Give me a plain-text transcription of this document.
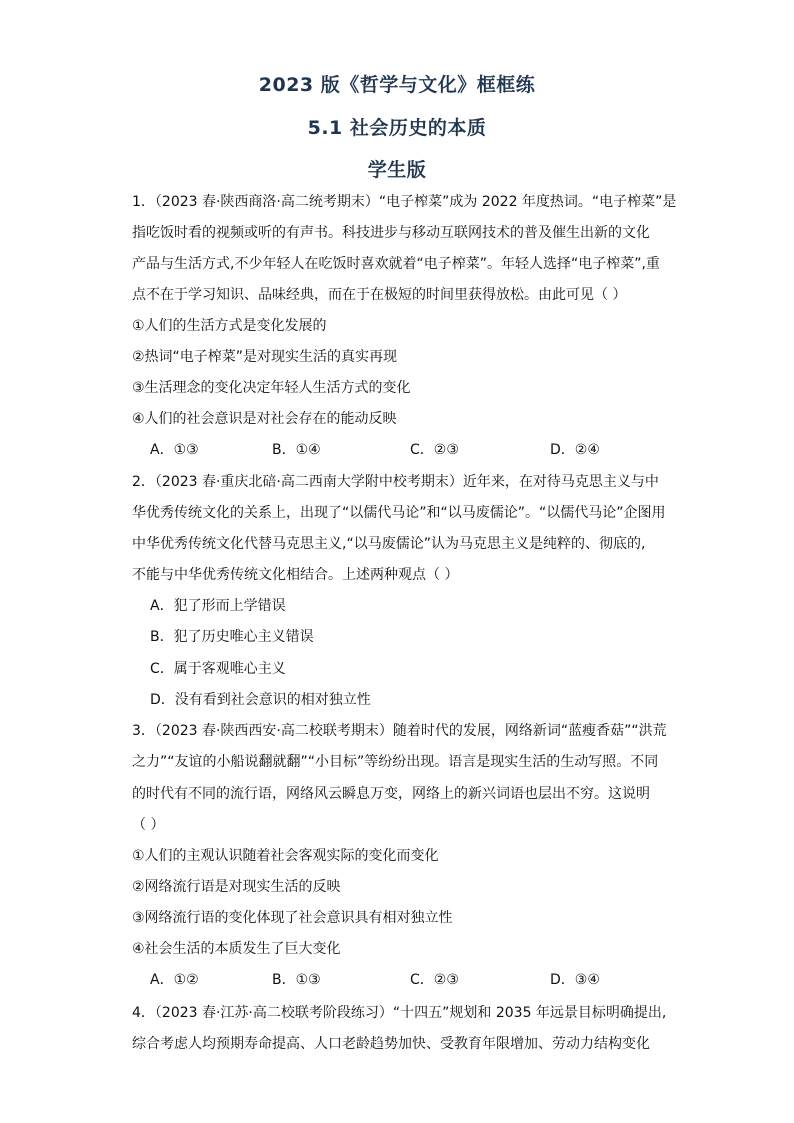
2023 版《哲学与文化》框框练
5.1 社会历史的本质
学生版
1．（2023 春·陕西商洛·高二统考期末）“电子榨菜”成为 2022 年度热词。“电子榨菜”是
指吃饭时看的视频或听的有声书。科技进步与移动互联网技术的普及催生出新的文化
产品与生活方式,不少年轻人在吃饭时喜欢就着“电子榨菜”。年轻人选择“电子榨菜”,重
点不在于学习知识、品味经典，而在于在极短的时间里获得放松。由此可见（ ）
①人们的生活方式是变化发展的
②热词“电子榨菜”是对现实生活的真实再现
③生活理念的变化决定年轻人生活方式的变化
④人们的社会意识是对社会存在的能动反映
A．①③	B．①④	C．②③	D．②④
2．（2023 春·重庆北碚·高二西南大学附中校考期末）近年来，在对待马克思主义与中
华优秀传统文化的关系上，出现了“以儒代马论”和“以马废儒论”。“以儒代马论”企图用
中华优秀传统文化代替马克思主义,“以马废儒论”认为马克思主义是纯粹的、彻底的,
不能与中华优秀传统文化相结合。上述两种观点（ ）
A．犯了形而上学错误
B．犯了历史唯心主义错误
C．属于客观唯心主义
D．没有看到社会意识的相对独立性
3．（2023 春·陕西西安·高二校联考期末）随着时代的发展，网络新词“蓝瘦香菇”“洪荒
之力”“友谊的小船说翻就翻”“小目标”等纷纷出现。语言是现实生活的生动写照。不同
的时代有不同的流行语，网络风云瞬息万变，网络上的新兴词语也层出不穷。这说明
（ ）
①人们的主观认识随着社会客观实际的变化而变化
②网络流行语是对现实生活的反映
③网络流行语的变化体现了社会意识具有相对独立性
④社会生活的本质发生了巨大变化
A．①②	B．①③	C．②③	D．③④
4．（2023 春·江苏·高二校联考阶段练习）“十四五”规划和 2035 年远景目标明确提出,
综合考虑人均预期寿命提高、人口老龄趋势加快、受教育年限增加、劳动力结构变化
